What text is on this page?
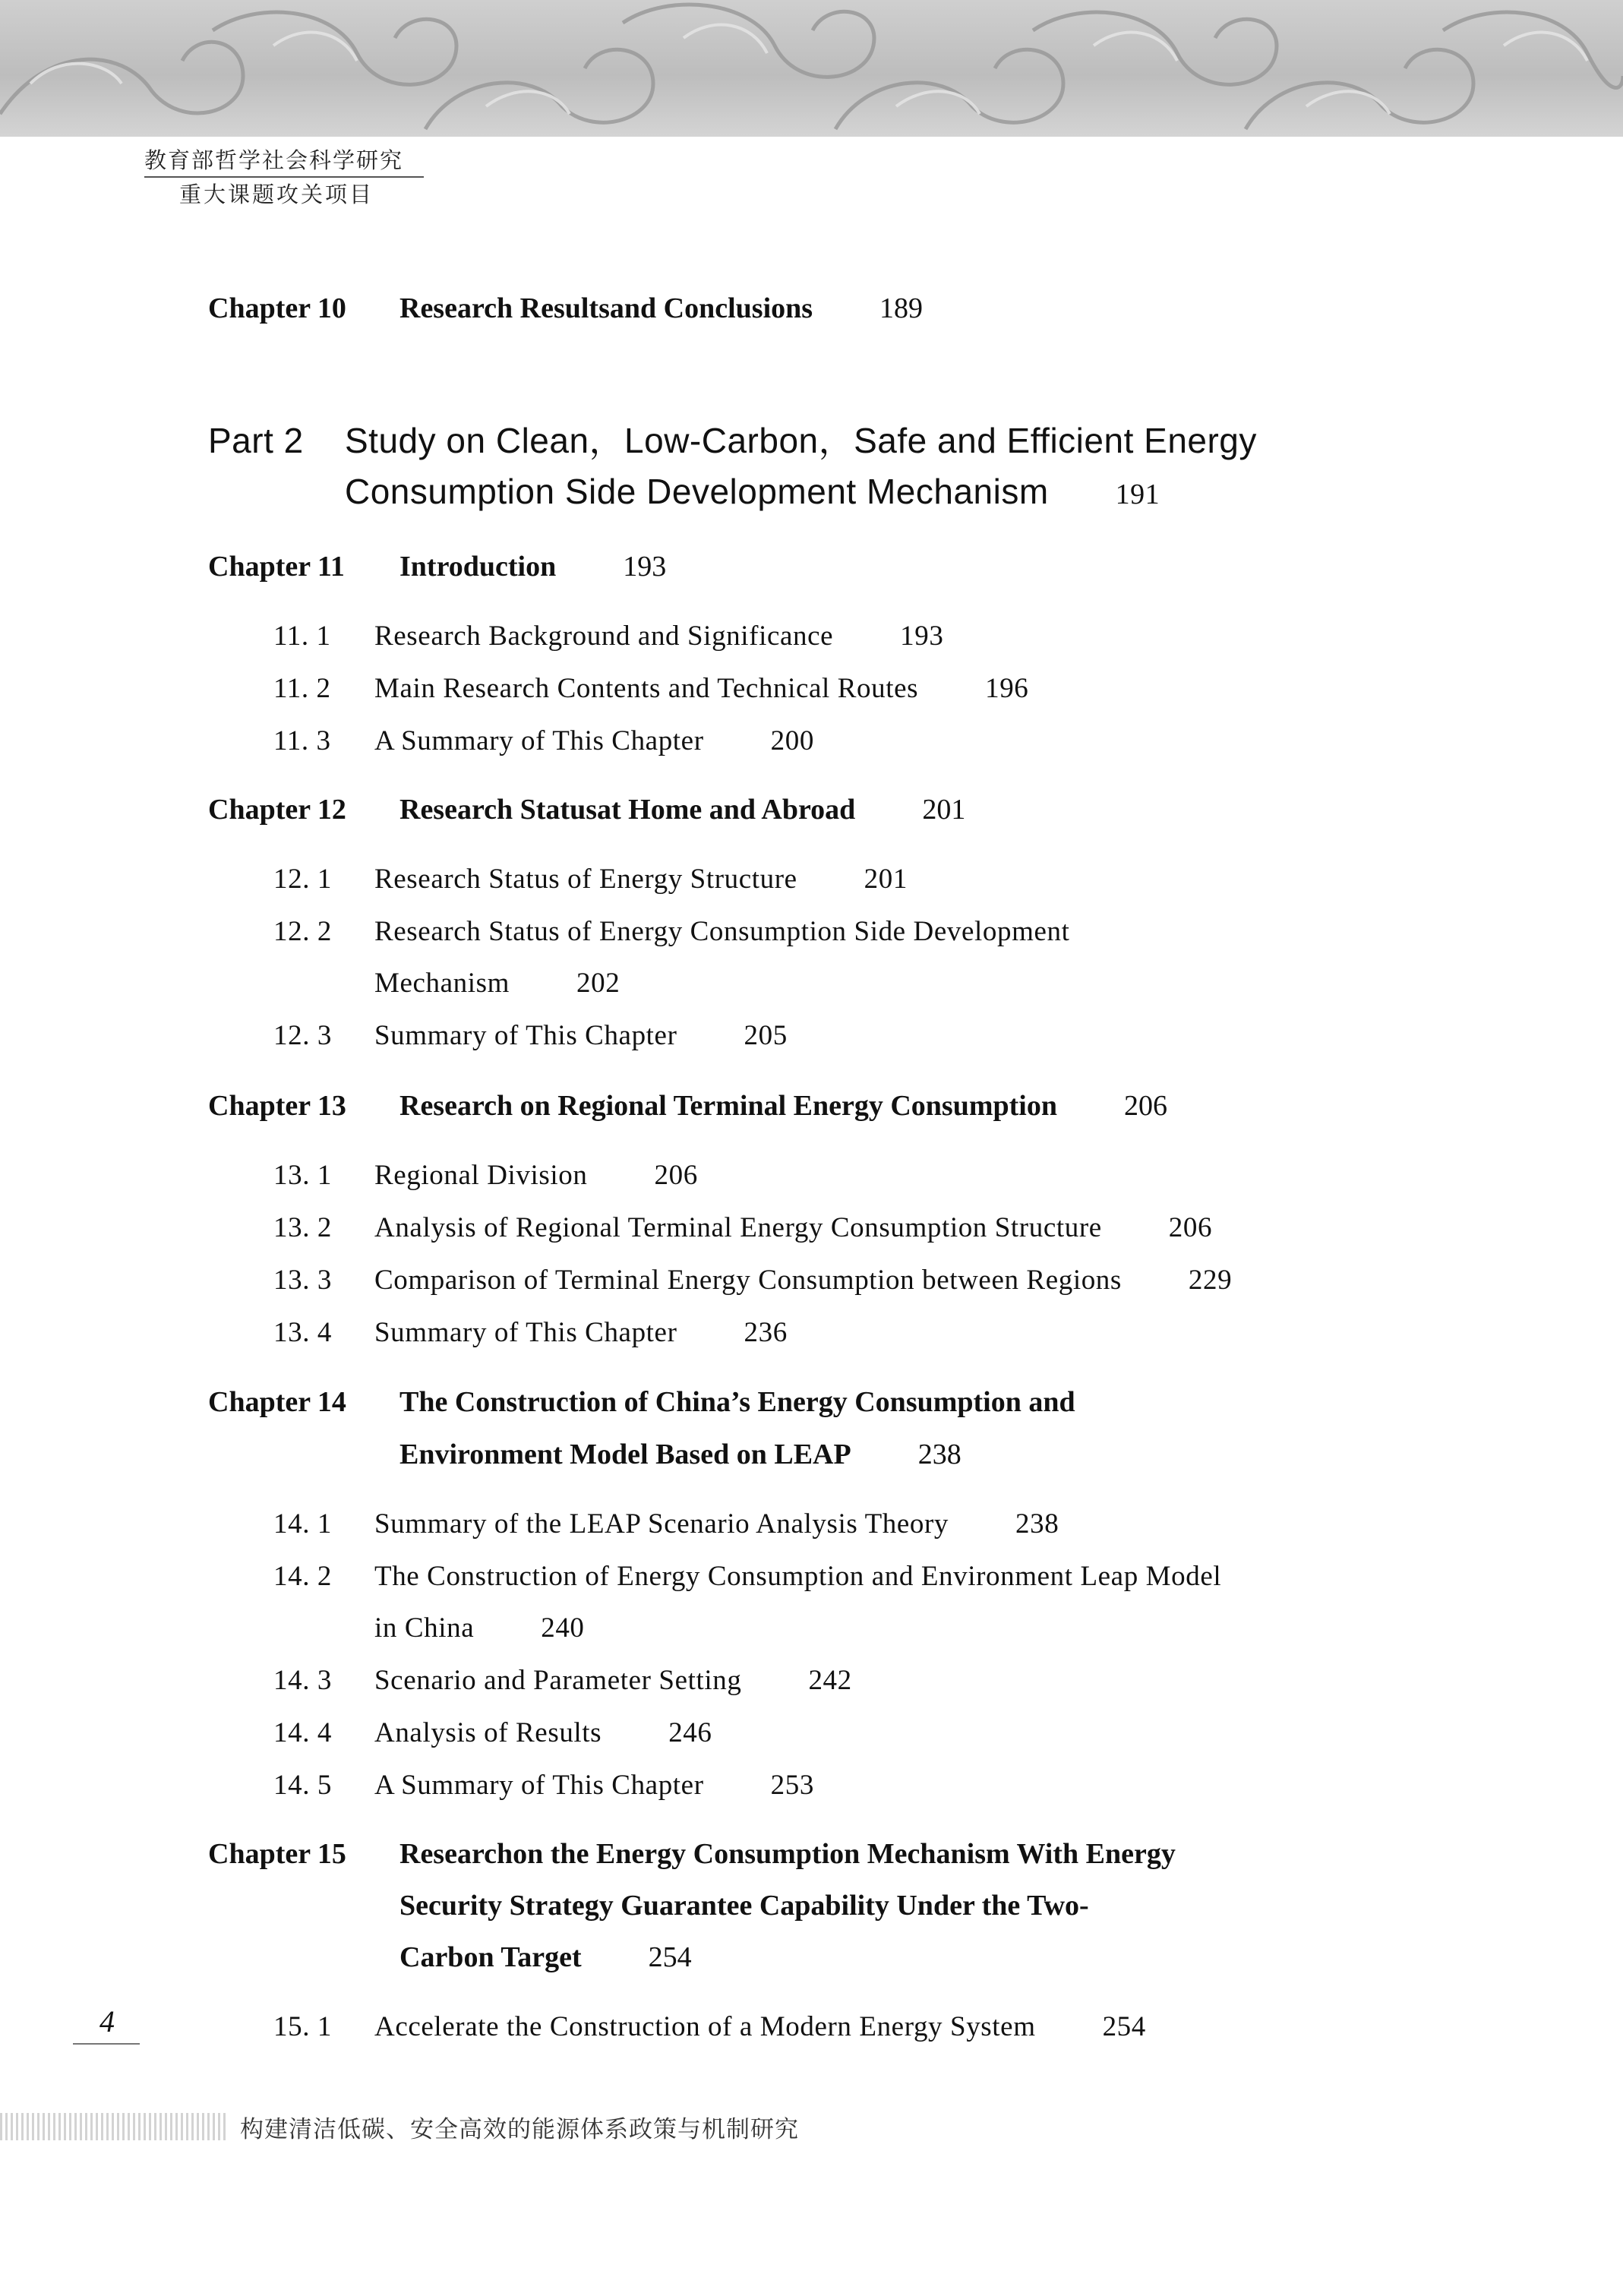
教育部哲学社会科学研究
重大课题攻关项目
Chapter 10 Research Resultsand Conclusions 189
Part 2 Study on Clean，Low-Carbon，Safe and Efficient Energy
Consumption Side Development Mechanism 191
Chapter 11 Introduction 193
11. 1 Research Background and Significance 193
11. 2 Main Research Contents and Technical Routes 196
11. 3 A Summary of This Chapter 200
Chapter 12 Research Statusat Home and Abroad 201
12. 1 Research Status of Energy Structure 201
12. 2 Research Status of Energy Consumption Side Development
Mechanism 202
12. 3 Summary of This Chapter 205
Chapter 13 Research on Regional Terminal Energy Consumption 206
13. 1 Regional Division 206
13. 2 Analysis of Regional Terminal Energy Consumption Structure 206
13. 3 Comparison of Terminal Energy Consumption between Regions 229
13. 4 Summary of This Chapter 236
Chapter 14 The Construction of China’s Energy Consumption and
Environment Model Based on LEAP 238
14. 1 Summary of the LEAP Scenario Analysis Theory 238
14. 2 The Construction of Energy Consumption and Environment Leap Model
in China 240
14. 3 Scenario and Parameter Setting 242
14. 4 Analysis of Results 246
14. 5 A Summary of This Chapter 253
Chapter 15 Researchon the Energy Consumption Mechanism With Energy
Security Strategy Guarantee Capability Under the Two-
Carbon Target 254
15. 1 Accelerate the Construction of a Modern Energy System 254
4
构建清洁低碳、安全高效的能源体系政策与机制研究
